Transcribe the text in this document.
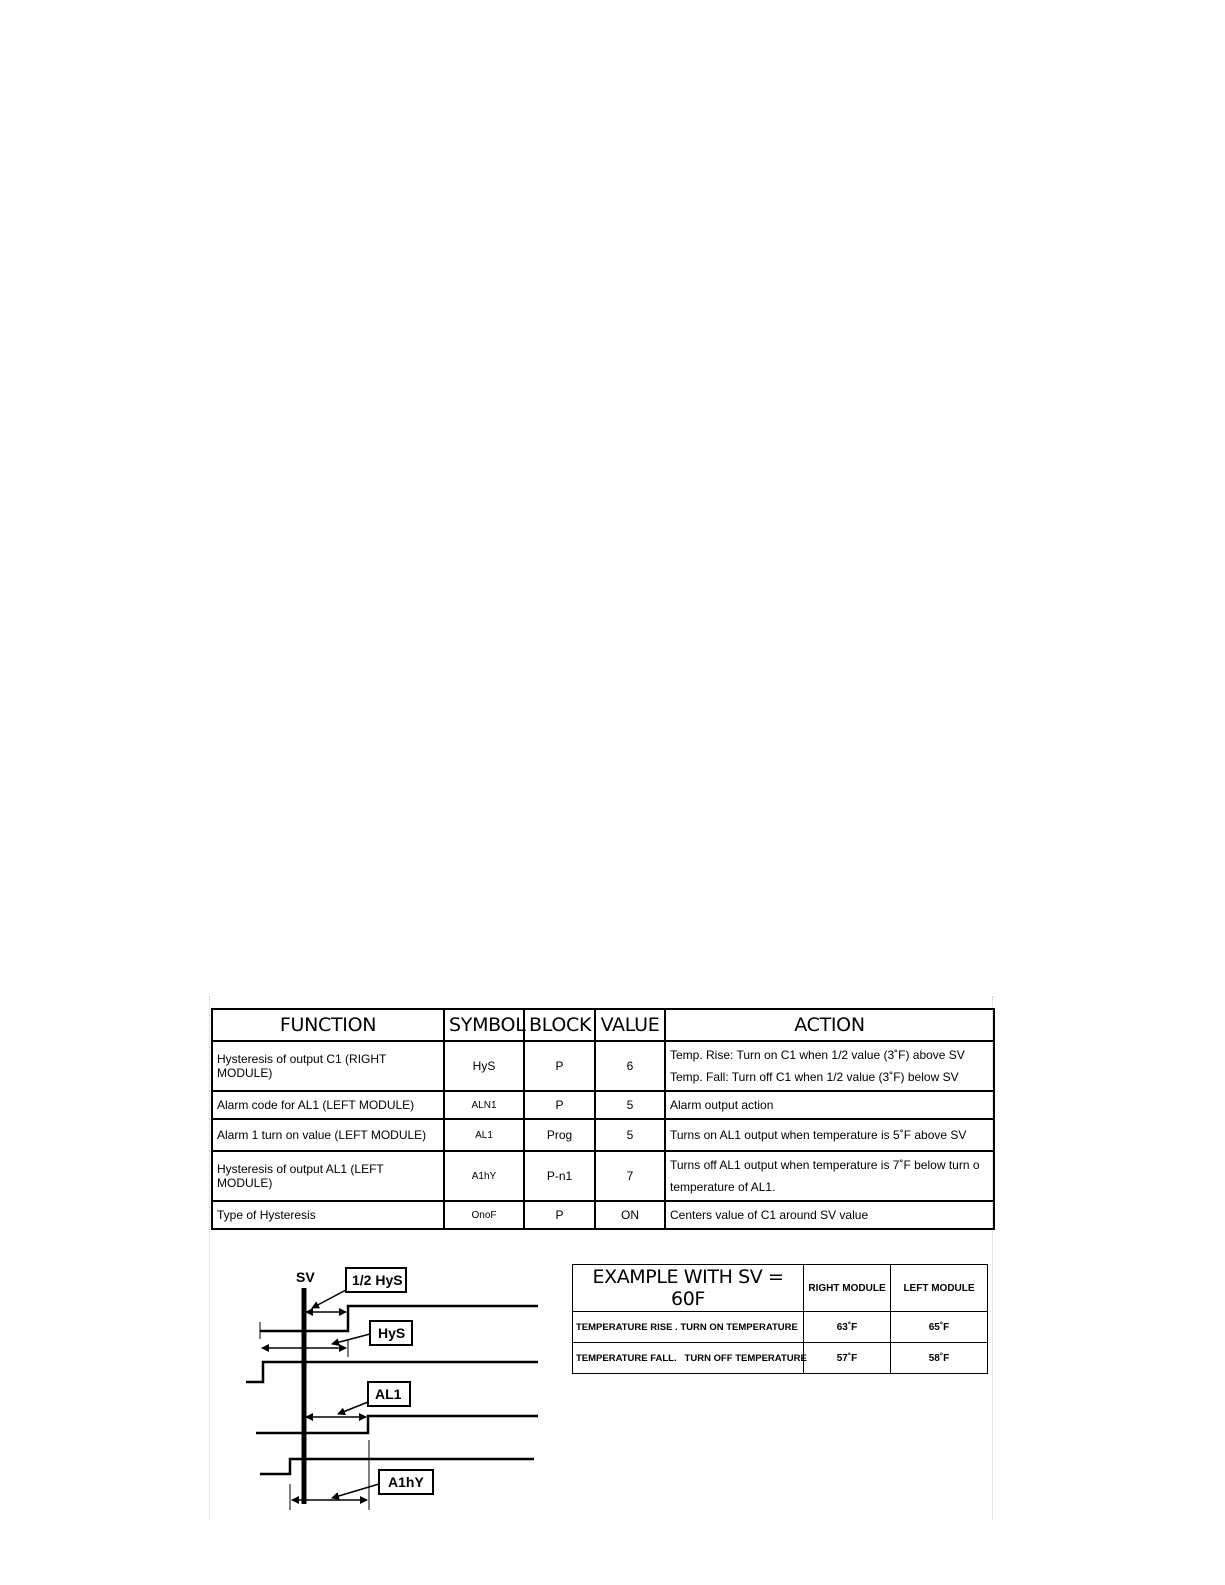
FUNCTION	SYMBOL	BLOCK	VALUE	ACTION
Hysteresis of output C1 (RIGHT MODULE)	HyS	P	6	Temp. Rise: Turn on C1 when 1/2 value (3˚F) above SV
Temp. Fall: Turn off C1 when 1/2 value (3˚F) below SV

Alarm code for AL1 (LEFT MODULE)	ALN1	P	5	Alarm output action
Alarm 1 turn on value (LEFT MODULE)	AL1	Prog	5	Turns on AL1 output when temperature is 5˚F above SV
Hysteresis of output AL1 (LEFT MODULE)	A1hY	P-n1	7	Turns off AL1 output when temperature is 7˚F below turn o
temperature of AL1.

Type of Hysteresis	OnoF	P	ON	Centers value of C1 around SV value
SV	1/2 HyS
HyS
AL1
A1hY
EXAMPLE WITH SV = 60F	RIGHT MODULE	LEFT MODULE
TEMPERATURE RISE . TURN ON TEMPERATURE	63˚F	65˚F
TEMPERATURE FALL.   TURN OFF TEMPERATURE	57˚F	58˚F
